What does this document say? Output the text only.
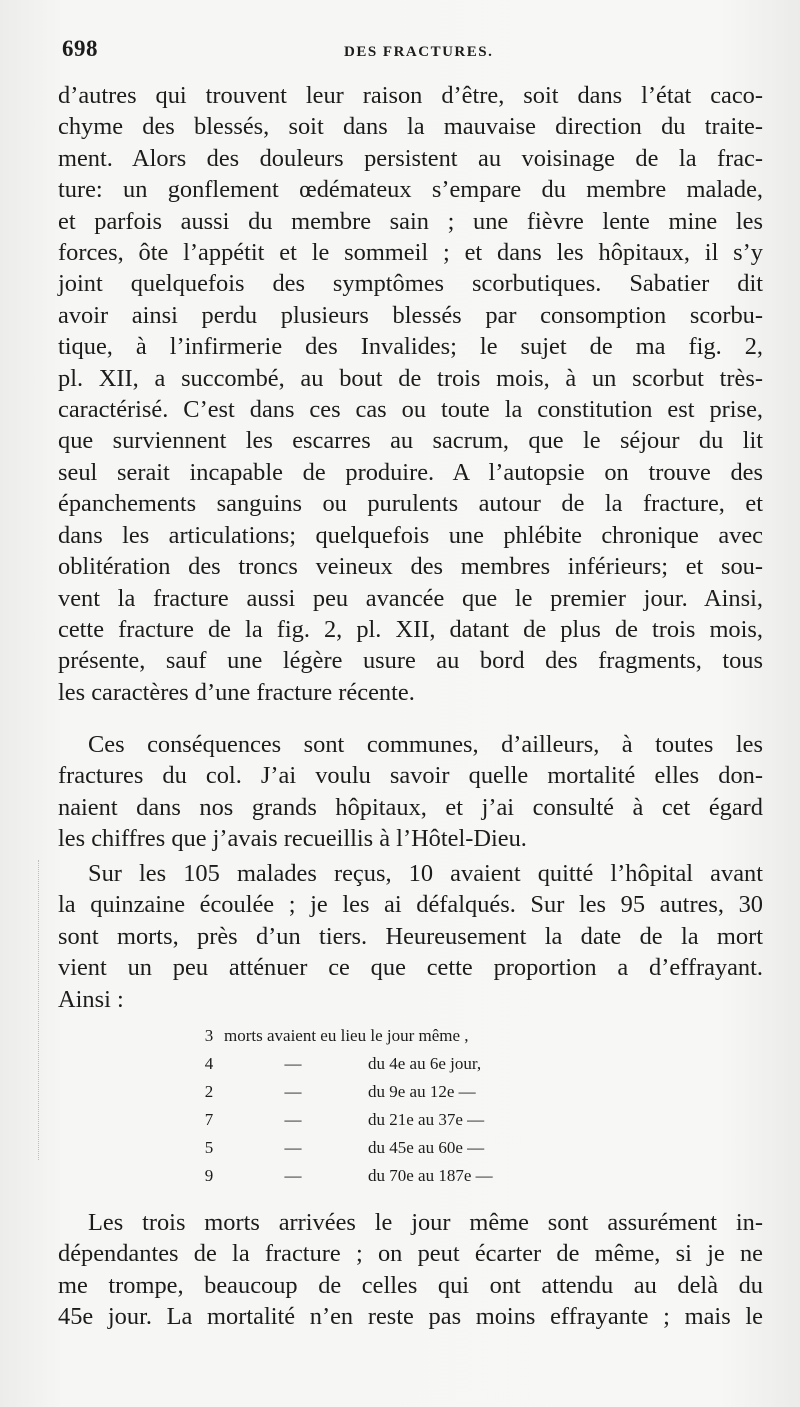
698	DES FRACTURES.
d’autres qui trouvent leur raison d’être, soit dans l’état caco-
chyme des blessés, soit dans la mauvaise direction du traite-
ment. Alors des douleurs persistent au voisinage de la frac-
ture: un gonflement œdémateux s’empare du membre malade,
et parfois aussi du membre sain ; une fièvre lente mine les
forces, ôte l’appétit et le sommeil ; et dans les hôpitaux, il s’y
joint quelquefois des symptômes scorbutiques. Sabatier dit
avoir ainsi perdu plusieurs blessés par consomption scorbu-
tique, à l’infirmerie des Invalides; le sujet de ma fig. 2,
pl. XII, a succombé, au bout de trois mois, à un scorbut très-
caractérisé. C’est dans ces cas ou toute la constitution est prise,
que surviennent les escarres au sacrum, que le séjour du lit
seul serait incapable de produire. A l’autopsie on trouve des
épanchements sanguins ou purulents autour de la fracture, et
dans les articulations; quelquefois une phlébite chronique avec
oblitération des troncs veineux des membres inférieurs; et sou-
vent la fracture aussi peu avancée que le premier jour. Ainsi,
cette fracture de la fig. 2, pl. XII, datant de plus de trois mois,
présente, sauf une légère usure au bord des fragments, tous
les caractères d’une fracture récente.
Ces conséquences sont communes, d’ailleurs, à toutes les
fractures du col. J’ai voulu savoir quelle mortalité elles don-
naient dans nos grands hôpitaux, et j’ai consulté à cet égard
les chiffres que j’avais recueillis à l’Hôtel-Dieu.
Sur les 105 malades reçus, 10 avaient quitté l’hôpital avant
la quinzaine écoulée ; je les ai défalqués. Sur les 95 autres, 30
sont morts, près d’un tiers. Heureusement la date de la mort
vient un peu atténuer ce que cette proportion a d’effrayant.
Ainsi :
3	morts avaient eu lieu le jour même ,	
4	—	du 4e au 6e jour,
2	—	du 9e au 12e —
7	—	du 21e au 37e —
5	—	du 45e au 60e —
9	—	du 70e au 187e —
Les trois morts arrivées le jour même sont assurément in-
dépendantes de la fracture ; on peut écarter de même, si je ne
me trompe, beaucoup de celles qui ont attendu au delà du
45e jour. La mortalité n’en reste pas moins effrayante ; mais le
